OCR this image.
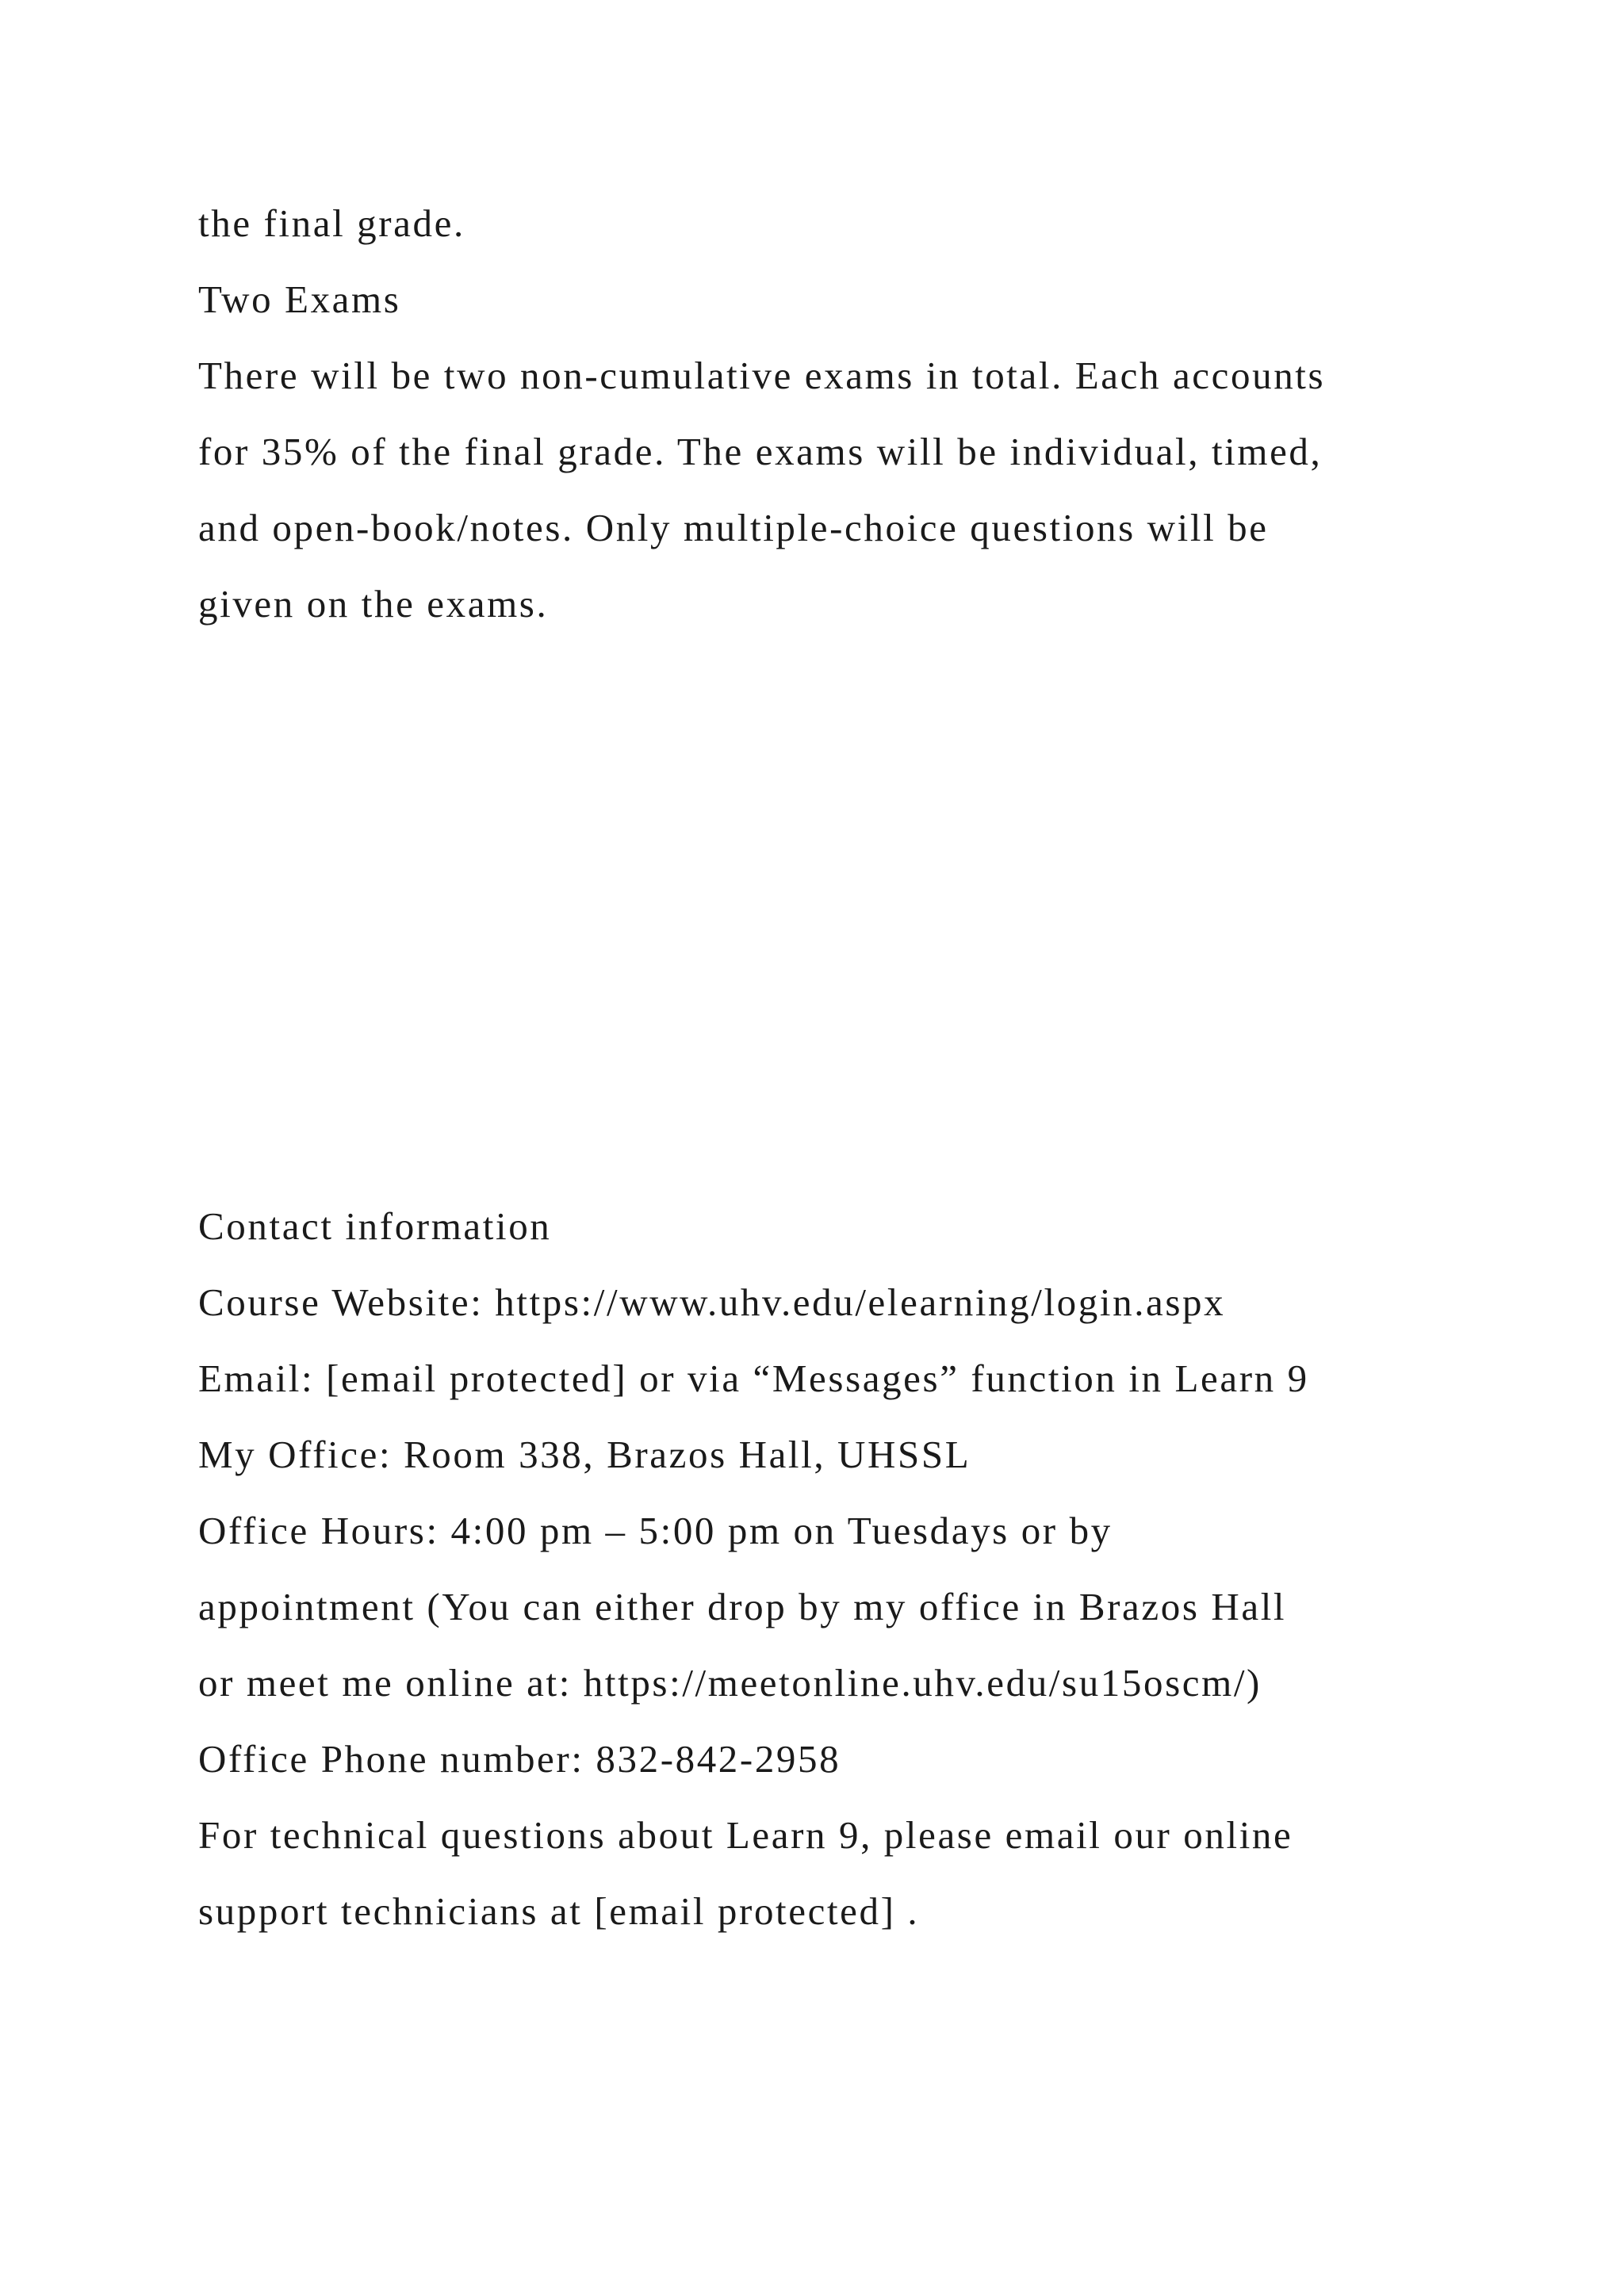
the final grade.
Two Exams
There will be two non-cumulative exams in total. Each accounts
for 35% of the final grade. The exams will be individual, timed,
and open-book/notes. Only multiple-choice questions will be
given on the exams.
Contact information
Course Website: https://www.uhv.edu/elearning/login.aspx
Email: [email protected] or via “Messages” function in Learn 9
My Office: Room 338, Brazos Hall, UHSSL
Office Hours: 4:00 pm – 5:00 pm on Tuesdays or by
appointment (You can either drop by my office in Brazos Hall
or meet me online at: https://meetonline.uhv.edu/su15oscm/)
Office Phone number: 832-842-2958
For technical questions about Learn 9, please email our online
support technicians at [email protected] .
